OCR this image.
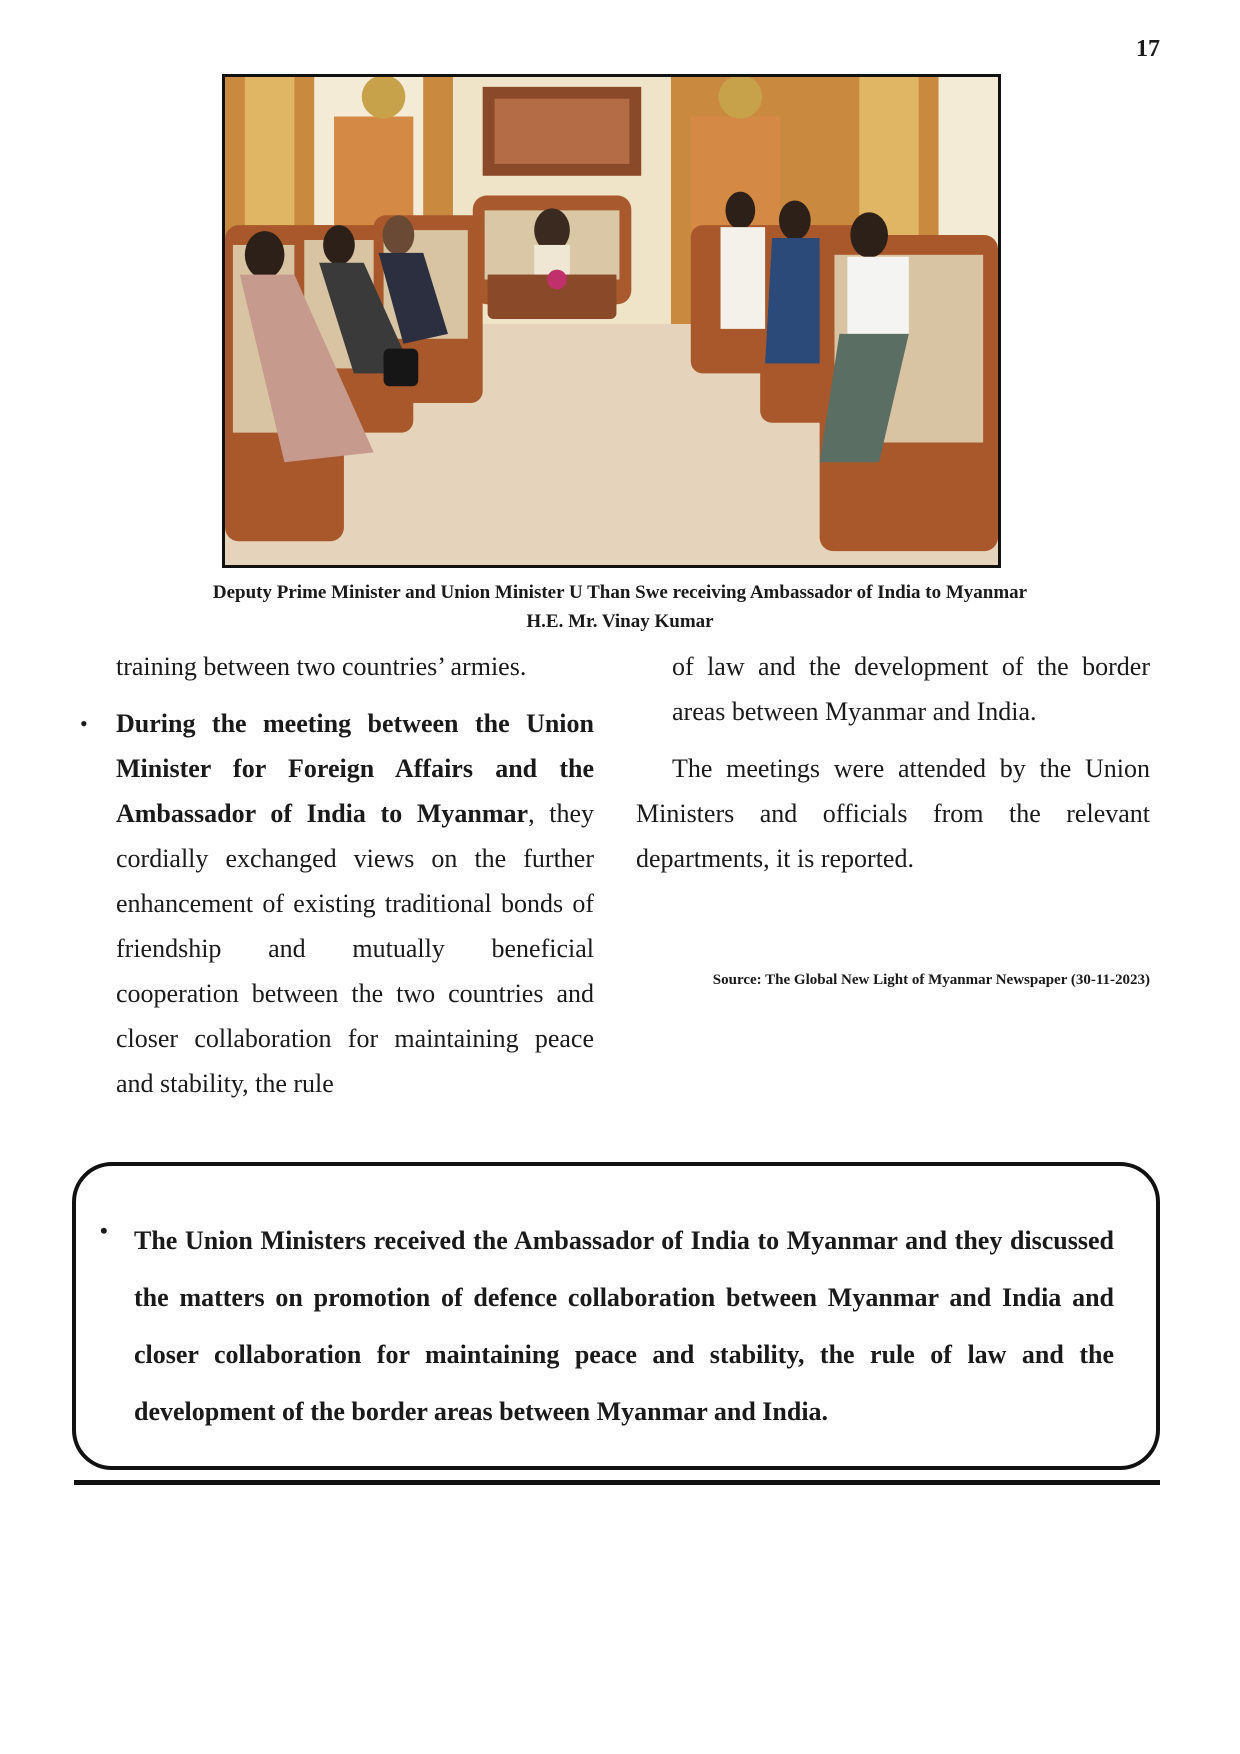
17
Deputy Prime Minister and Union Minister U Than Swe receiving Ambassador of India to Myanmar
H.E. Mr. Vinay Kumar

training between two countries’ armies.

• During the meeting between the Union Minister for Foreign Affairs and the Ambassador of India to Myanmar, they cordially exchanged views on the further enhancement of existing traditional bonds of friendship and mutually beneficial cooperation between the two countries and closer collaboration for maintaining peace and stability, the rule

of law and the development of the border areas between Myanmar and India.

The meetings were attended by the Union Ministers and officials from the relevant departments, it is reported.

Source: The Global New Light of Myanmar Newspaper (30-11-2023)
• The Union Ministers received the Ambassador of India to Myanmar and they discussed the matters on promotion of defence collaboration between Myanmar and India and closer collaboration for maintaining peace and stability, the rule of law and the development of the border areas between Myanmar and India.
